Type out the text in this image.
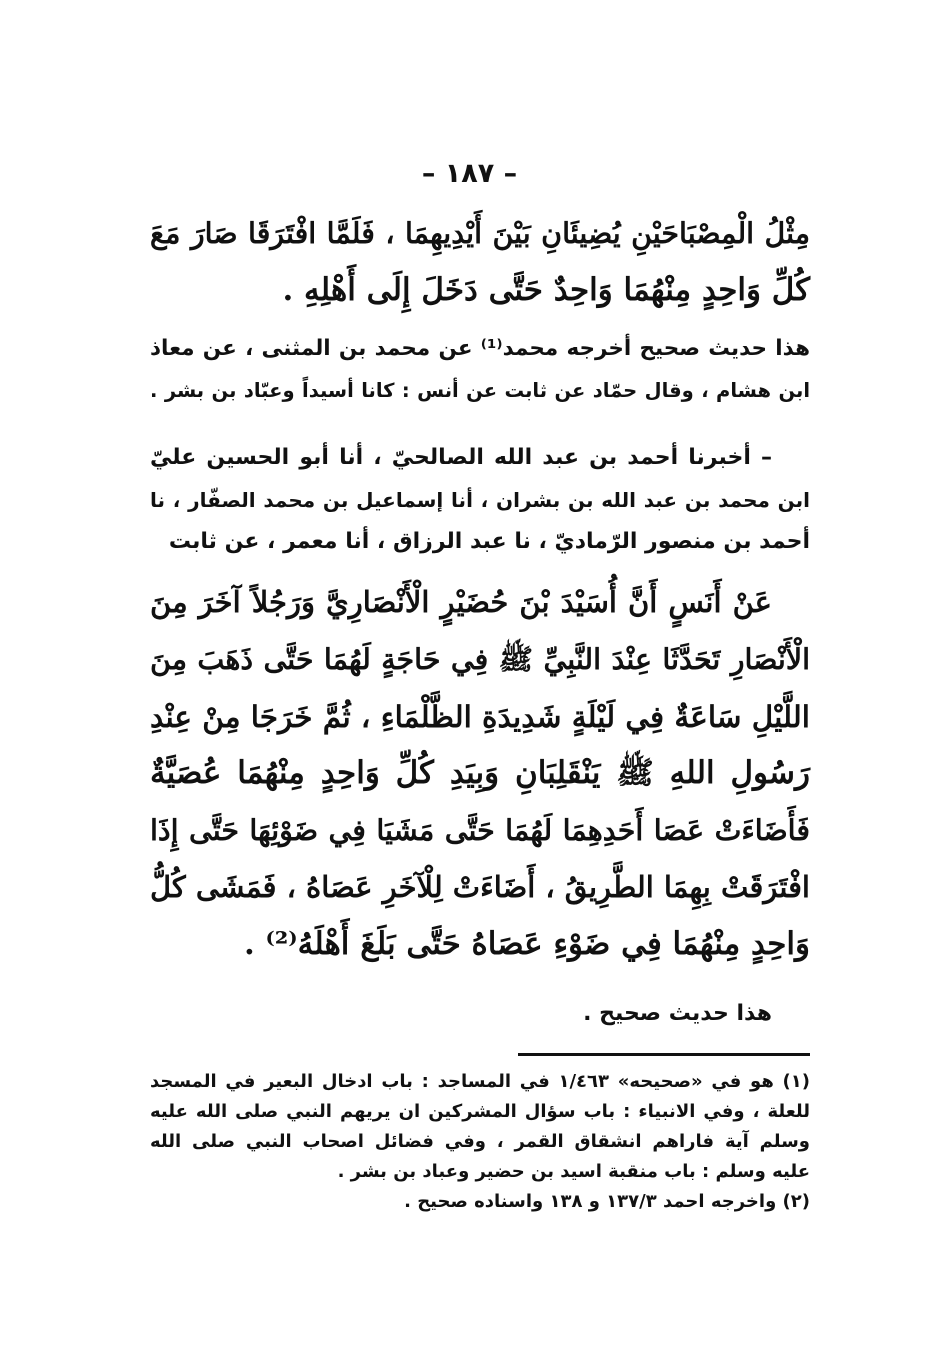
– ١٨٧ –
مِثْلُ الْمِصْبَاحَيْنِ يُضِيئَانِ بَيْنَ أَيْدِيهِمَا ، فَلَمَّا افْتَرَقَا صَارَ مَعَ
كُلِّ وَاحِدٍ مِنْهُمَا وَاحِدٌ حَتَّى دَخَلَ إِلَى أَهْلِهِ .
هذا حديث صحيح أخرجه محمد⁽¹⁾ عن محمد بن المثنى ، عن معاذ
ابن هشام ، وقال حمّاد عن ثابت عن أنس : كانا أسيداً وعبّاد بن بشر .
– أخبرنا أحمد بن عبد الله الصالحيّ ، أنا أبو الحسين عليّ
ابن محمد بن عبد الله بن بشران ، أنا إسماعيل بن محمد الصفّار ، نا
أحمد بن منصور الرّماديّ ، نا عبد الرزاق ، أنا معمر ، عن ثابت
عَنْ أَنَسٍ أَنَّ أُسَيْدَ بْنَ حُضَيْرٍ الْأَنْصَارِيَّ وَرَجُلاً آخَرَ مِنَ
الْأَنْصَارِ تَحَدَّثَا عِنْدَ النَّبِيِّ ﷺ فِي حَاجَةٍ لَهُمَا حَتَّى ذَهَبَ مِنَ
اللَّيْلِ سَاعَةٌ فِي لَيْلَةٍ شَدِيدَةِ الظَّلْمَاءِ ، ثُمَّ خَرَجَا مِنْ عِنْدِ
رَسُولِ اللهِ ﷺ يَنْقَلِبَانِ وَبِيَدِ كُلِّ وَاحِدٍ مِنْهُمَا عُصَيَّةٌ
فَأَضَاءَتْ عَصَا أَحَدِهِمَا لَهُمَا حَتَّى مَشَيَا فِي ضَوْئِهَا حَتَّى إِذَا
افْتَرَقَتْ بِهِمَا الطَّرِيقُ ، أَضَاءَتْ لِلْآخَرِ عَصَاهُ ، فَمَشَى كُلُّ
وَاحِدٍ مِنْهُمَا فِي ضَوْءِ عَصَاهُ حَتَّى بَلَغَ أَهْلَهُ⁽²⁾ .
هذا حديث صحيح .
(١) هو في «صحيحه» ١/٤٦٣ في المساجد : باب ادخال البعير في المسجد
للعلة ، وفي الانبياء : باب سؤال المشركين ان يريهم النبي صلى الله عليه
وسلم آية فاراهم انشقاق القمر ، وفي فضائل اصحاب النبي صلى الله
عليه وسلم : باب منقبة اسيد بن حضير وعباد بن بشر .
(٢) واخرجه احمد ١٣٧/٣ و ١٣٨ واسناده صحيح .
